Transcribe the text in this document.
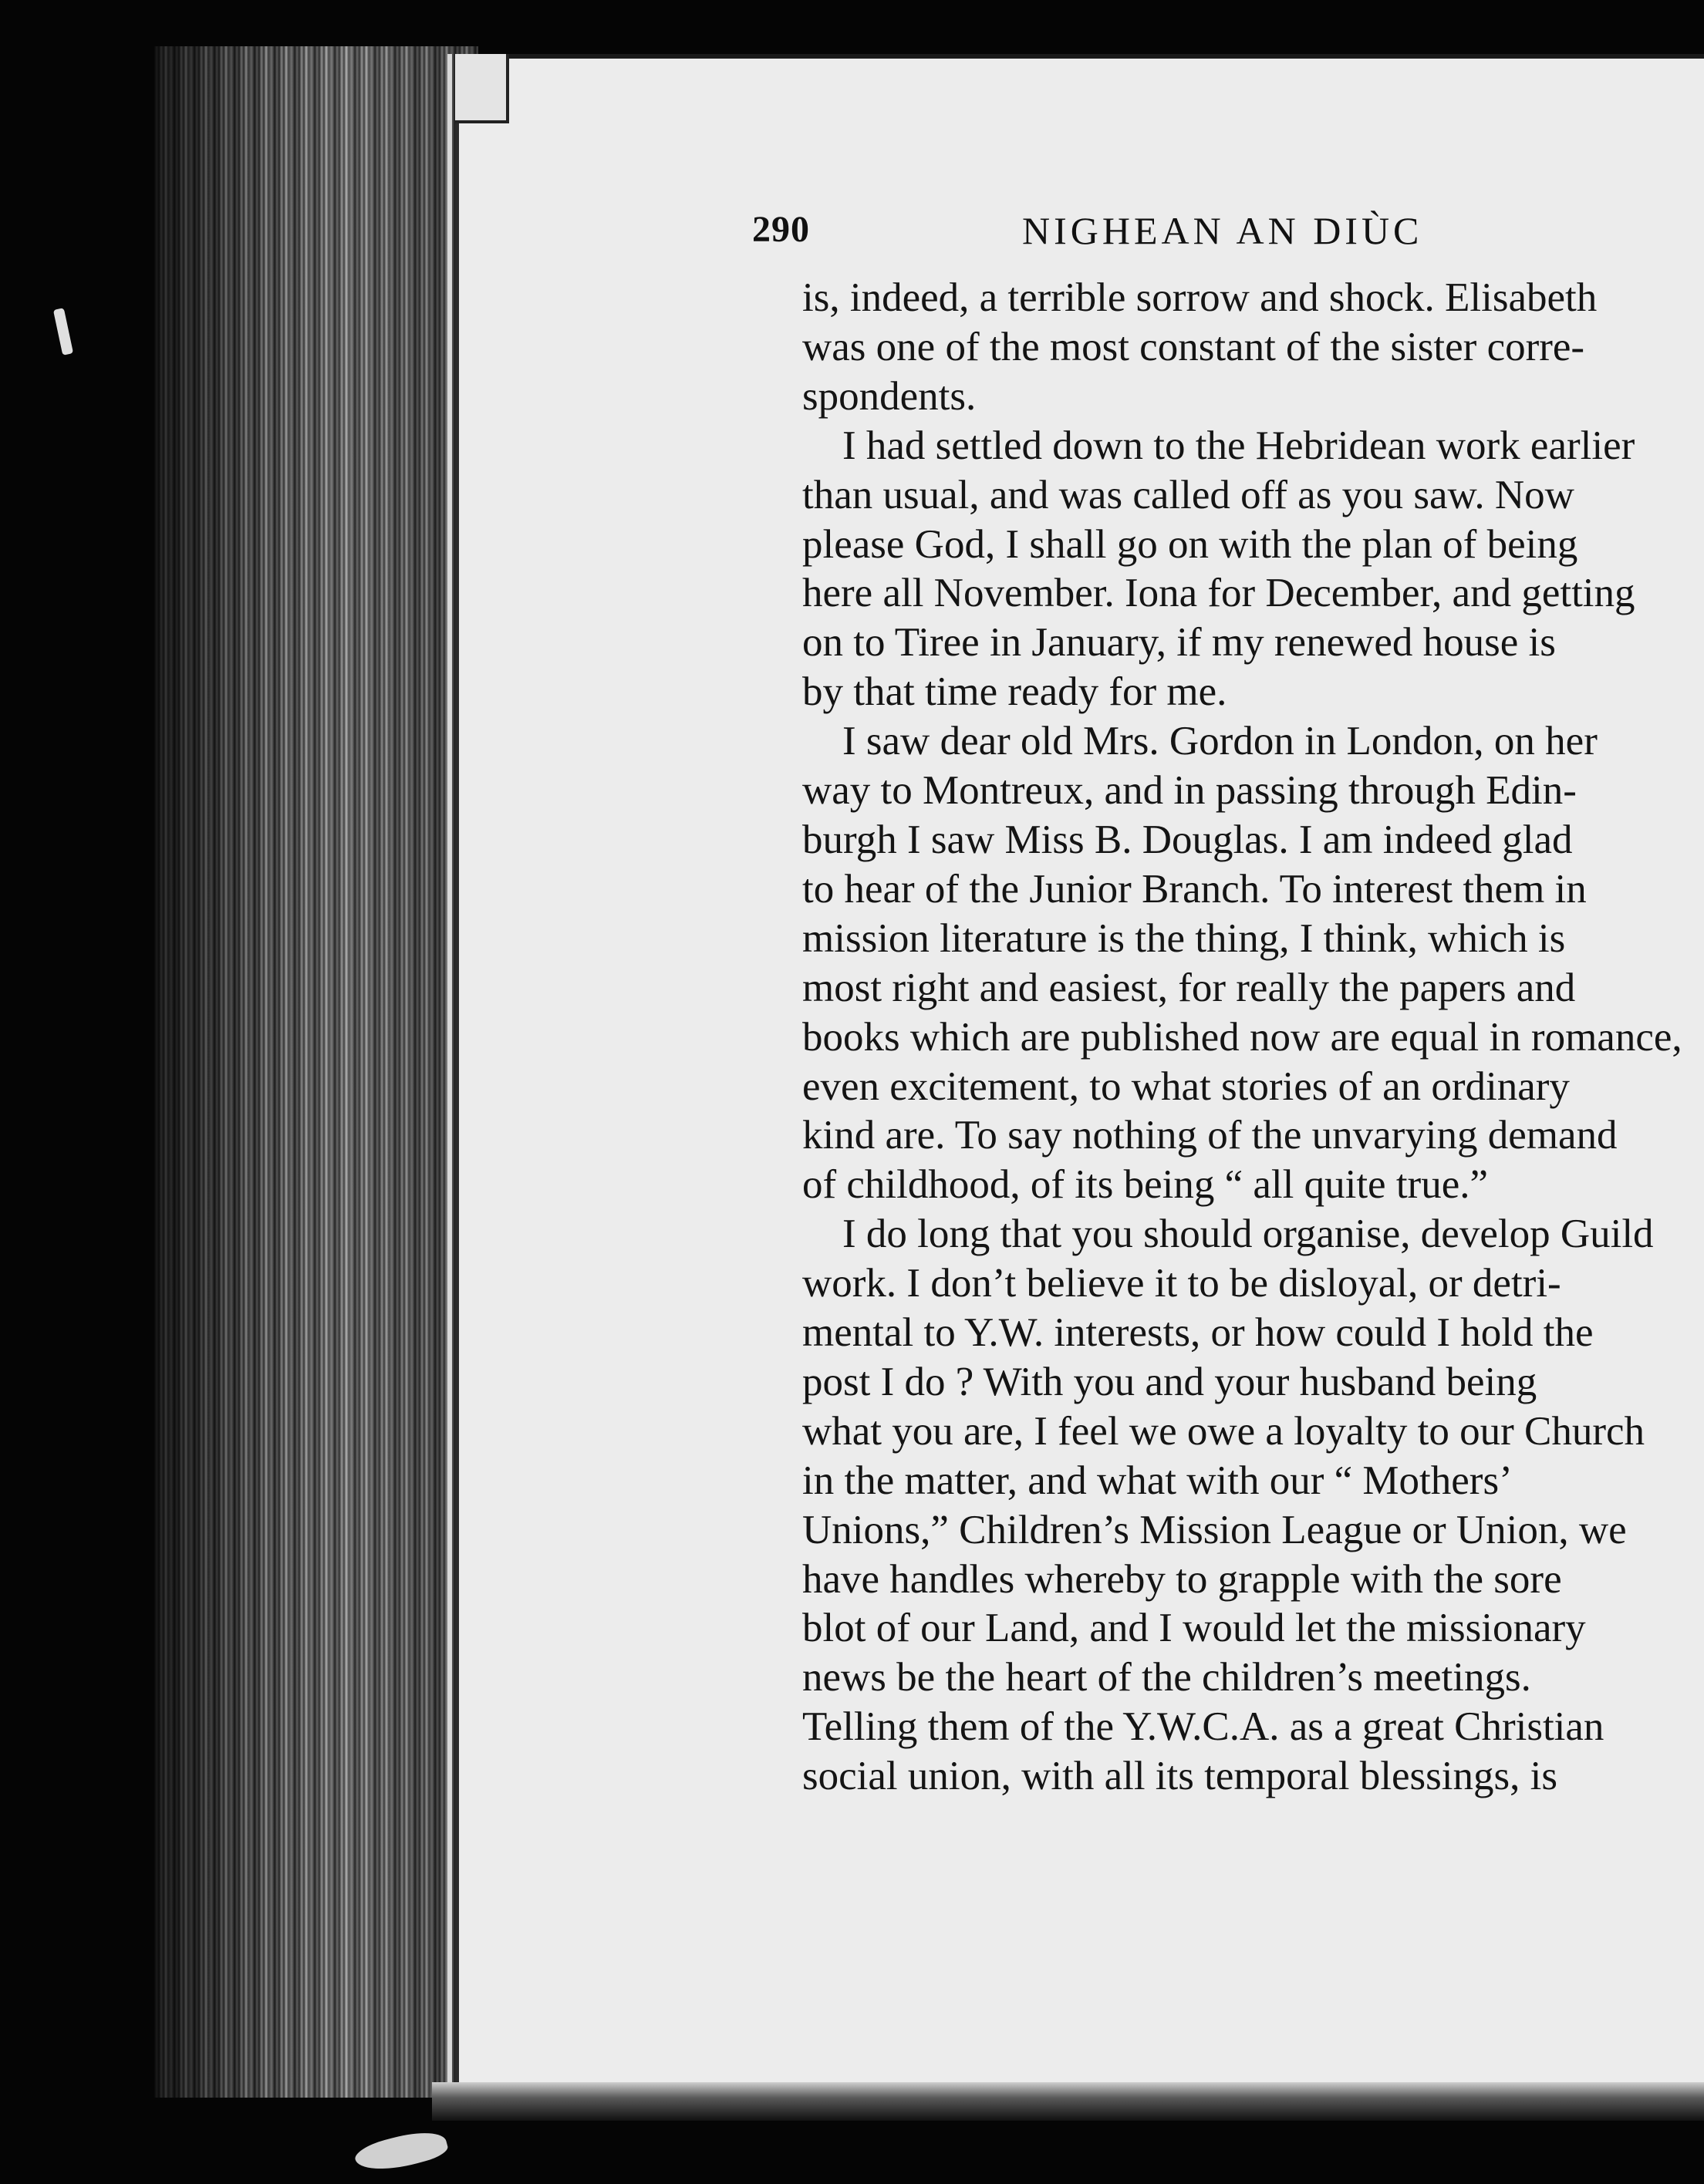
290	NIGHEAN AN DIÙC
is, indeed, a terrible sorrow and shock. Elisabeth
was one of the most constant of the sister corre-
spondents.
I had settled down to the Hebridean work earlier
than usual, and was called off as you saw. Now
please God, I shall go on with the plan of being
here all November. Iona for December, and getting
on to Tiree in January, if my renewed house is
by that time ready for me.
I saw dear old Mrs. Gordon in London, on her
way to Montreux, and in passing through Edin-
burgh I saw Miss B. Douglas. I am indeed glad
to hear of the Junior Branch. To interest them in
mission literature is the thing, I think, which is
most right and easiest, for really the papers and
books which are published now are equal in romance,
even excitement, to what stories of an ordinary
kind are. To say nothing of the unvarying demand
of childhood, of its being “ all quite true.”
I do long that you should organise, develop Guild
work. I don’t believe it to be disloyal, or detri-
mental to Y.W. interests, or how could I hold the
post I do ? With you and your husband being
what you are, I feel we owe a loyalty to our Church
in the matter, and what with our “ Mothers’
Unions,” Children’s Mission League or Union, we
have handles whereby to grapple with the sore
blot of our Land, and I would let the missionary
news be the heart of the children’s meetings.
Telling them of the Y.W.C.A. as a great Christian
social union, with all its temporal blessings, is
